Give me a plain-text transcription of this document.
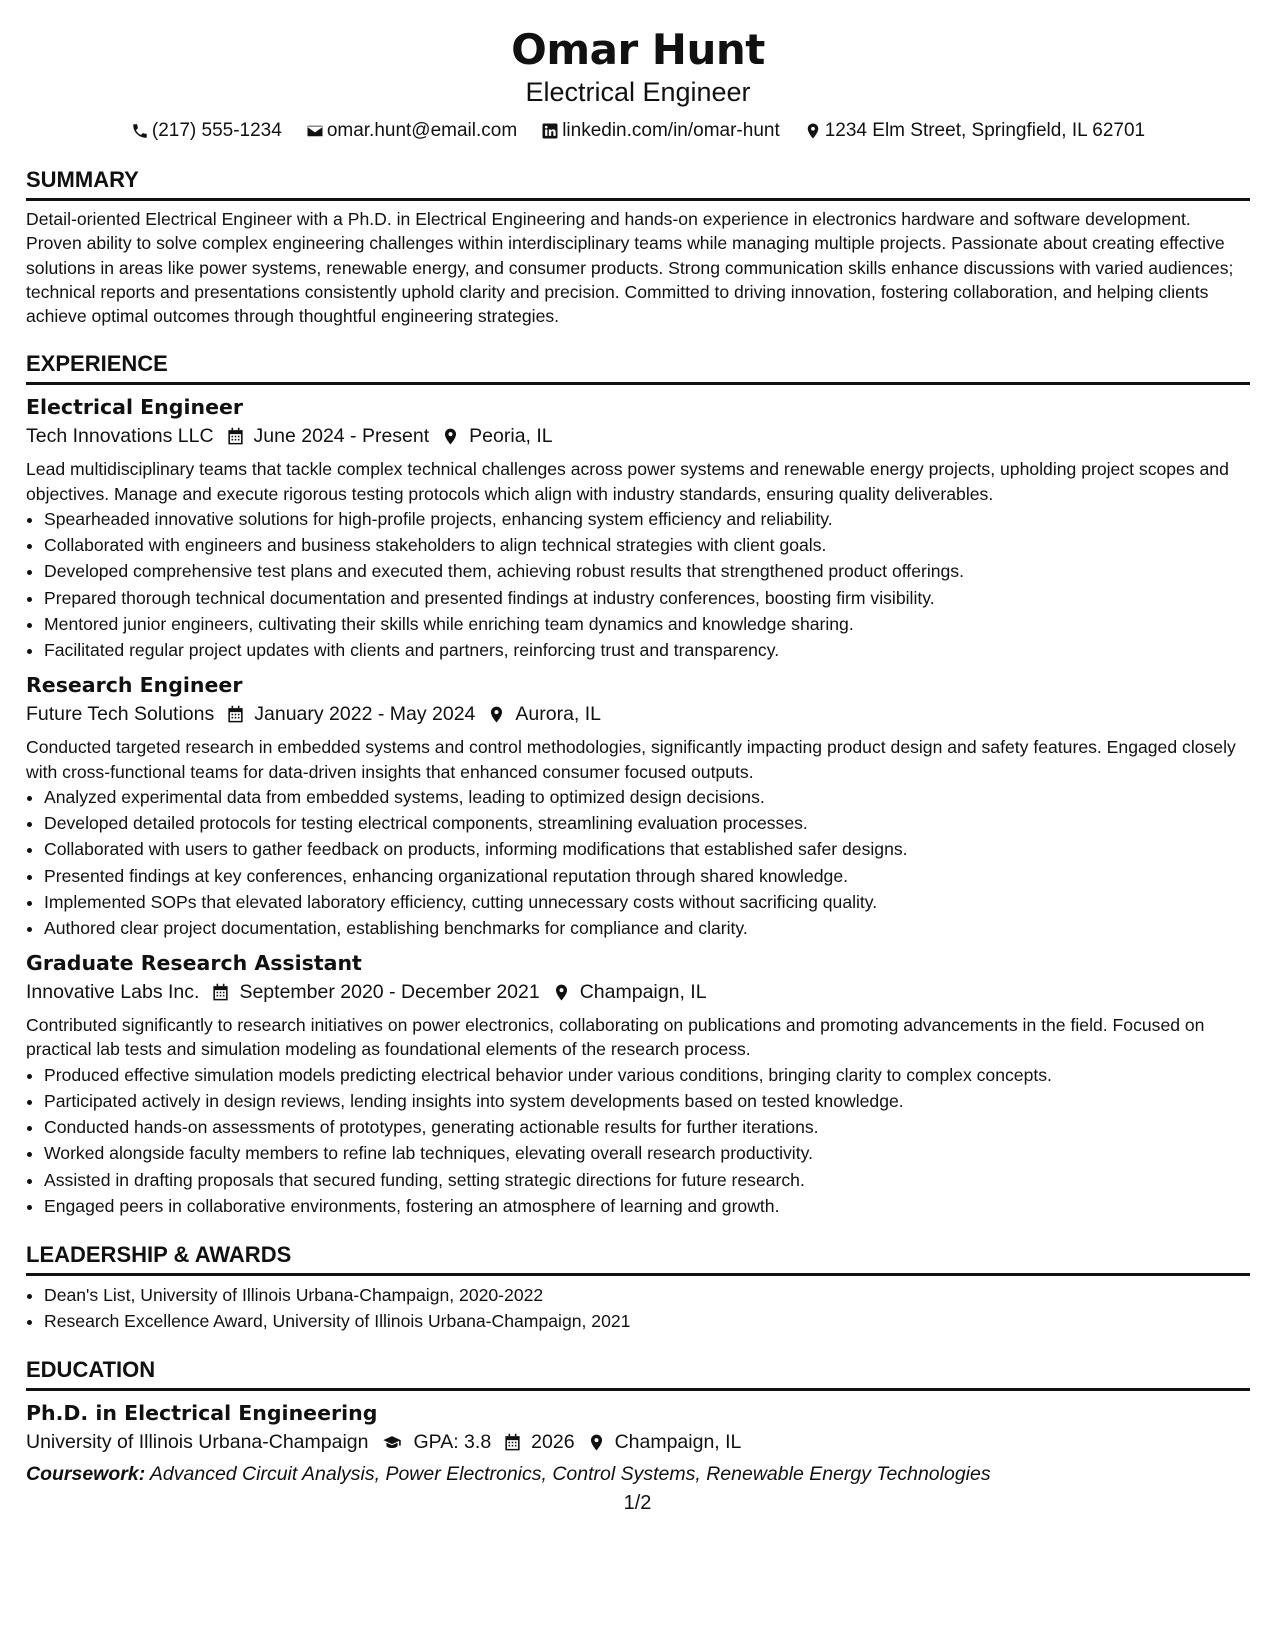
Omar Hunt
Electrical Engineer
(217) 555-1234 omar.hunt@email.com linkedin.com/in/omar-hunt 1234 Elm Street, Springfield, IL 62701
SUMMARY
Detail-oriented Electrical Engineer with a Ph.D. in Electrical Engineering and hands-on experience in electronics hardware and software development. Proven ability to solve complex engineering challenges within interdisciplinary teams while managing multiple projects. Passionate about creating effective solutions in areas like power systems, renewable energy, and consumer products. Strong communication skills enhance discussions with varied audiences; technical reports and presentations consistently uphold clarity and precision. Committed to driving innovation, fostering collaboration, and helping clients achieve optimal outcomes through thoughtful engineering strategies.
EXPERIENCE
Electrical Engineer
Tech Innovations LLC June 2024 - Present Peoria, IL
Lead multidisciplinary teams that tackle complex technical challenges across power systems and renewable energy projects, upholding project scopes and objectives. Manage and execute rigorous testing protocols which align with industry standards, ensuring quality deliverables.
• Spearheaded innovative solutions for high-profile projects, enhancing system efficiency and reliability.
• Collaborated with engineers and business stakeholders to align technical strategies with client goals.
• Developed comprehensive test plans and executed them, achieving robust results that strengthened product offerings.
• Prepared thorough technical documentation and presented findings at industry conferences, boosting firm visibility.
• Mentored junior engineers, cultivating their skills while enriching team dynamics and knowledge sharing.
• Facilitated regular project updates with clients and partners, reinforcing trust and transparency.
Research Engineer
Future Tech Solutions January 2022 - May 2024 Aurora, IL
Conducted targeted research in embedded systems and control methodologies, significantly impacting product design and safety features. Engaged closely with cross-functional teams for data-driven insights that enhanced consumer focused outputs.
• Analyzed experimental data from embedded systems, leading to optimized design decisions.
• Developed detailed protocols for testing electrical components, streamlining evaluation processes.
• Collaborated with users to gather feedback on products, informing modifications that established safer designs.
• Presented findings at key conferences, enhancing organizational reputation through shared knowledge.
• Implemented SOPs that elevated laboratory efficiency, cutting unnecessary costs without sacrificing quality.
• Authored clear project documentation, establishing benchmarks for compliance and clarity.
Graduate Research Assistant
Innovative Labs Inc. September 2020 - December 2021 Champaign, IL
Contributed significantly to research initiatives on power electronics, collaborating on publications and promoting advancements in the field. Focused on practical lab tests and simulation modeling as foundational elements of the research process.
• Produced effective simulation models predicting electrical behavior under various conditions, bringing clarity to complex concepts.
• Participated actively in design reviews, lending insights into system developments based on tested knowledge.
• Conducted hands-on assessments of prototypes, generating actionable results for further iterations.
• Worked alongside faculty members to refine lab techniques, elevating overall research productivity.
• Assisted in drafting proposals that secured funding, setting strategic directions for future research.
• Engaged peers in collaborative environments, fostering an atmosphere of learning and growth.
LEADERSHIP & AWARDS
• Dean's List, University of Illinois Urbana-Champaign, 2020-2022
• Research Excellence Award, University of Illinois Urbana-Champaign, 2021
EDUCATION
Ph.D. in Electrical Engineering
University of Illinois Urbana-Champaign GPA: 3.8 2026 Champaign, IL
Coursework: Advanced Circuit Analysis, Power Electronics, Control Systems, Renewable Energy Technologies
1/2
